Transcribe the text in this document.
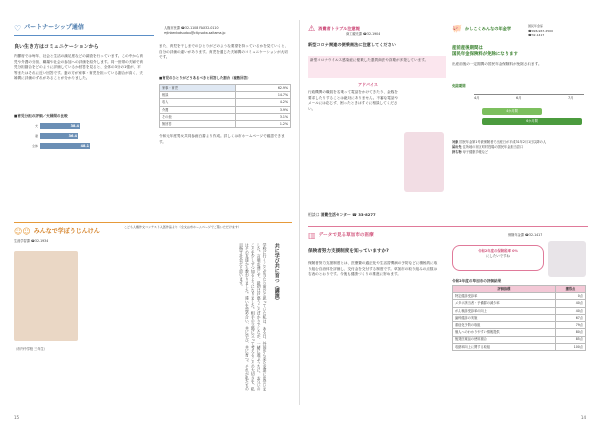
♡ パートナーシップ通信	人権市民課 ☎32-1108 FAX32-0110
✉jinkenkatsudou@city.soka.saitama.jp
良い生き方はコミュニケーションから
内閣府では毎年、社会と生活の満足度などの調査を行っています。この中から育児や介護の分担、職場や社会の参加への評価を紹介します。同一世帯の夫婦で育児分担割合をどのように評価しているか回答を見ると、全体の3分の1強が、平等またはそれに近い回答です。妻の方が家事・育児を担っている割合が高く、夫婦間に評価のずれがあることが分かりました。
■育児分担の評価／夫婦間の比較
夫	38.4
妻	36.4
全体	48.1
また、育児を干しまでのひとりがどのような要望を持っているかを見ていくと、自分の評価の違いがあります。育児を通じた夫婦間のコミュニケーションが大切です。
■育児のひとりがどうあるべきと回答した割合（複数回答）
家事・育児	62.9%
相談	14.7%
収入	4.2%
介護	3.9%
その他	3.1%
無回答	1.2%
令和元年度男女共同参画白書より作成。詳しくは市ホームページで確認できます。
☺☺ みんなで学ぼうじんけん
生涯学習課 ☎32-1934
こども人権作文コンテスト入賞作品より（全文は市ホームページでご覧いただけます）
共に学び共に育つ（講演）
学校に行くことが当たり前だと思っていた私は、ある日、外国から来た友達に出会いました。言葉が通じず、最初は戸惑うことばかりでしたが、一緒に遊ぶうちに、お互いのことを少しずつ知るようになりました。相手の立場に立って考えることの大切さを、私はその友達から教わりました。違いを認め合い、共に学び、共に育つ。それが私たちの目指す社会だと思います。
（市内中学校 三年生）
15
⚠ 消費者トラブル注意報
商工観光課 ☎32-1904
新型コロナ関連の便乗商法に注意してください
新型コロナウイルス感染症に便乗した悪質商法や詐欺が多発しています。
アドバイス
行政機関の職員を名乗って電話をかけてきたり、金銭を要求したりすることは絶対にありません。不審な電話やメールには応じず、困ったときはすぐに相談してください。
相談は 消費生活センター ☎ 33-8277
🐖 かしこくみんなの年金学	国民年金係
☎096-967-2500
☎32-1417
産前産後期間は
国民年金保険料が免除になります
出産前後の一定期間の国民年金保険料が免除されます。
免除期間
4月	6月	7月
4か月間
6か月間
対象 国民年金第1号被保険者で出産日が平成31年2月1日以降の人
届出先 住所地の市区町村役場の国民年金担当窓口
持ち物 母子健康手帳など
▥ データで見る草加市の医療	保険年金課 ☎32-1417
保険者努力支援制度を知っていますか?
保険者努力支援制度とは、医療費の適正化や生活習慣病の予防などに積極的に取り組む自治体を評価し、交付金を交付する制度です。草加市の取り組みの点数は右表のとおりです。今後も健康づくりの推進に努めます。
令和2年度の保険税率 0%
にしたいですね
令和2年度の草加市の評価結果
評価指標	獲得点
特定健診受診率	0点
メタボ該当者・予備群の減少率	40点
がん検診受診率の向上	40点
歯科健診の実施	67点
重症化予防の取組	79点
個人へのわかりやすい情報提供	80点
後発医薬品の使用割合	85点
収納率向上に関する取組	100点
14
